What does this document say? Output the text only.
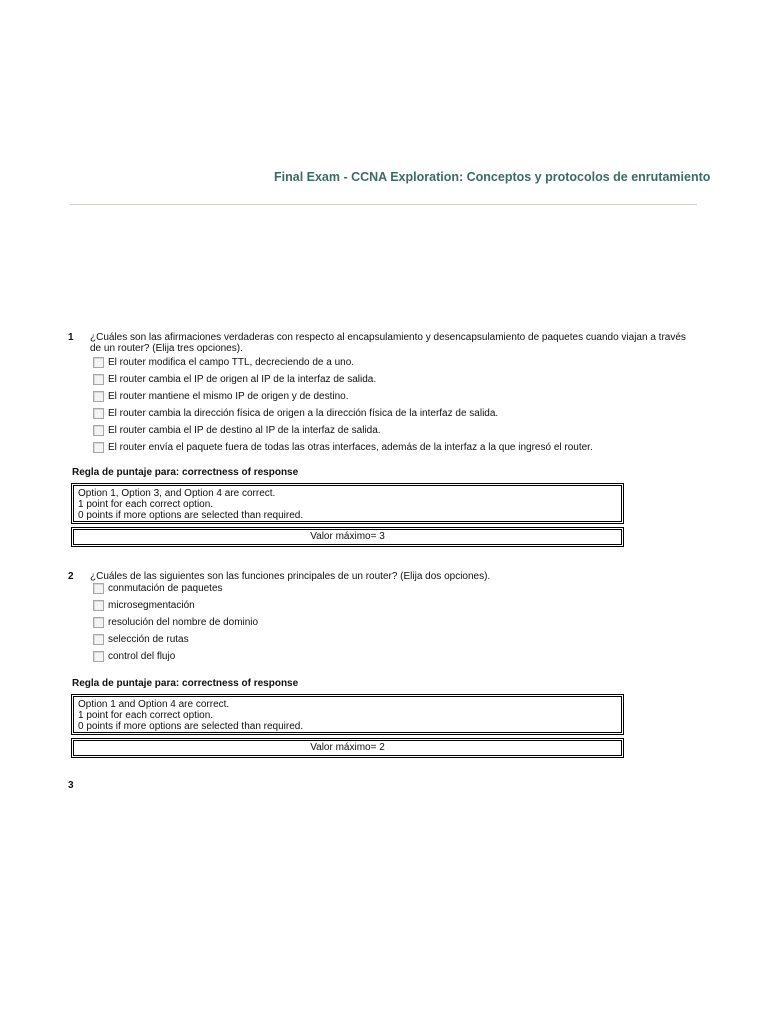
Final Exam - CCNA Exploration: Conceptos y protocolos de enrutamiento
1 ¿Cuáles son las afirmaciones verdaderas con respecto al encapsulamiento y desencapsulamiento de paquetes cuando viajan a través de un router? (Elija tres opciones).
El router modifica el campo TTL, decreciendo de a uno.
El router cambia el IP de origen al IP de la interfaz de salida.
El router mantiene el mismo IP de origen y de destino.
El router cambia la dirección física de origen a la dirección física de la interfaz de salida.
El router cambia el IP de destino al IP de la interfaz de salida.
El router envía el paquete fuera de todas las otras interfaces, además de la interfaz a la que ingresó el router.
Regla de puntaje para: correctness of response
Option 1, Option 3, and Option 4 are correct.
1 point for each correct option.
0 points if more options are selected than required.
Valor máximo= 3
2 ¿Cuáles de las siguientes son las funciones principales de un router? (Elija dos opciones).
conmutación de paquetes
microsegmentación
resolución del nombre de dominio
selección de rutas
control del flujo
Regla de puntaje para: correctness of response
Option 1 and Option 4 are correct.
1 point for each correct option.
0 points if more options are selected than required.
Valor máximo= 2
3
